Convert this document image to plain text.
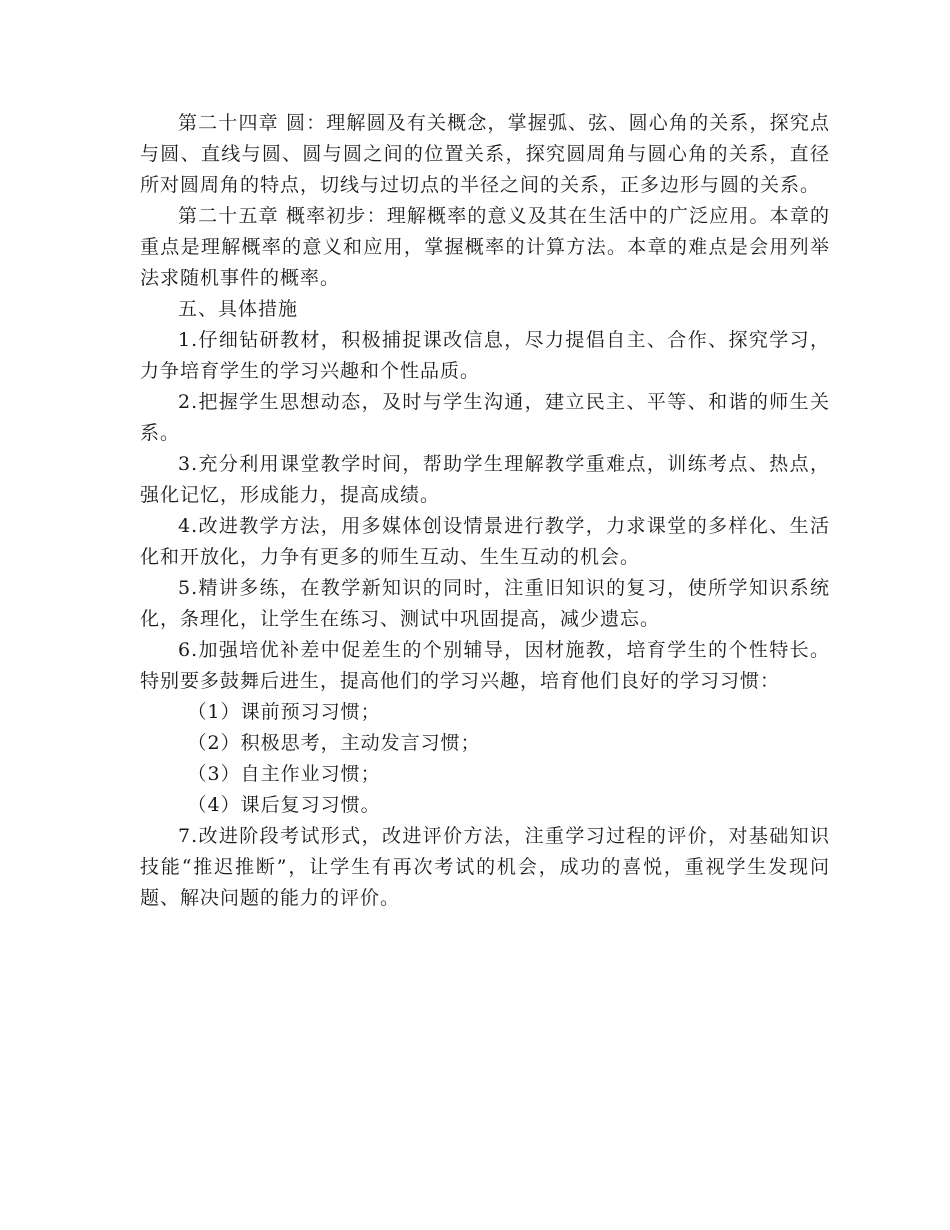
第二十四章 圆：理解圆及有关概念，掌握弧、弦、圆心角的关系，探究点与圆、直线与圆、圆与圆之间的位置关系，探究圆周角与圆心角的关系，直径所对圆周角的特点，切线与过切点的半径之间的关系，正多边形与圆的关系。

第二十五章 概率初步：理解概率的意义及其在生活中的广泛应用。本章的重点是理解概率的意义和应用，掌握概率的计算方法。本章的难点是会用列举法求随机事件的概率。

五、具体措施

1.仔细钻研教材，积极捕捉课改信息，尽力提倡自主、合作、探究学习，力争培育学生的学习兴趣和个性品质。

2.把握学生思想动态，及时与学生沟通，建立民主、平等、和谐的师生关系。

3.充分利用课堂教学时间，帮助学生理解教学重难点，训练考点、热点，强化记忆，形成能力，提高成绩。

4.改进教学方法，用多媒体创设情景进行教学，力求课堂的多样化、生活化和开放化，力争有更多的师生互动、生生互动的机会。

5.精讲多练，在教学新知识的同时，注重旧知识的复习，使所学知识系统化，条理化，让学生在练习、测试中巩固提高，减少遗忘。

6.加强培优补差中促差生的个别辅导，因材施教，培育学生的个性特长。特别要多鼓舞后进生，提高他们的学习兴趣，培育他们良好的学习习惯：

（1）课前预习习惯；

（2）积极思考，主动发言习惯；

（3）自主作业习惯；

（4）课后复习习惯。

7.改进阶段考试形式，改进评价方法，注重学习过程的评价，对基础知识技能“推迟推断”，让学生有再次考试的机会，成功的喜悦，重视学生发现问题、解决问题的能力的评价。
